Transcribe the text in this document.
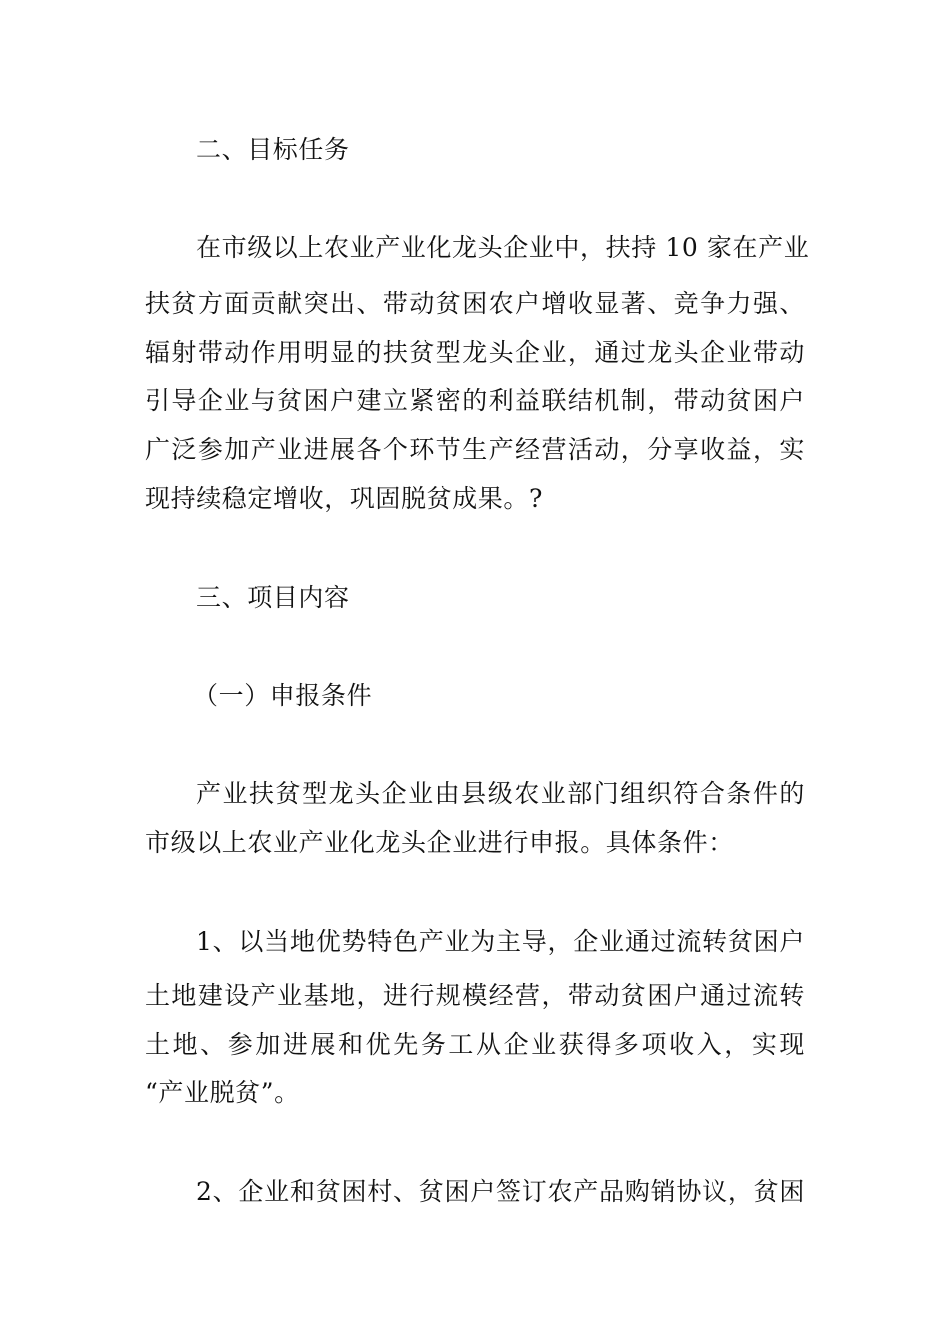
二、目标任务
在市级以上农业产业化龙头企业中，扶持 10 家在产业
扶贫方面贡献突出、带动贫困农户增收显著、竞争力强、
辐射带动作用明显的扶贫型龙头企业，通过龙头企业带动
引导企业与贫困户建立紧密的利益联结机制，带动贫困户
广泛参加产业进展各个环节生产经营活动，分享收益，实
现持续稳定增收，巩固脱贫成果。?
三、项目内容
（一）申报条件
产业扶贫型龙头企业由县级农业部门组织符合条件的
市级以上农业产业化龙头企业进行申报。具体条件：
1、以当地优势特色产业为主导，企业通过流转贫困户
土地建设产业基地，进行规模经营，带动贫困户通过流转
土地、参加进展和优先务工从企业获得多项收入，实现
“产业脱贫”。
2、企业和贫困村、贫困户签订农产品购销协议，贫困
